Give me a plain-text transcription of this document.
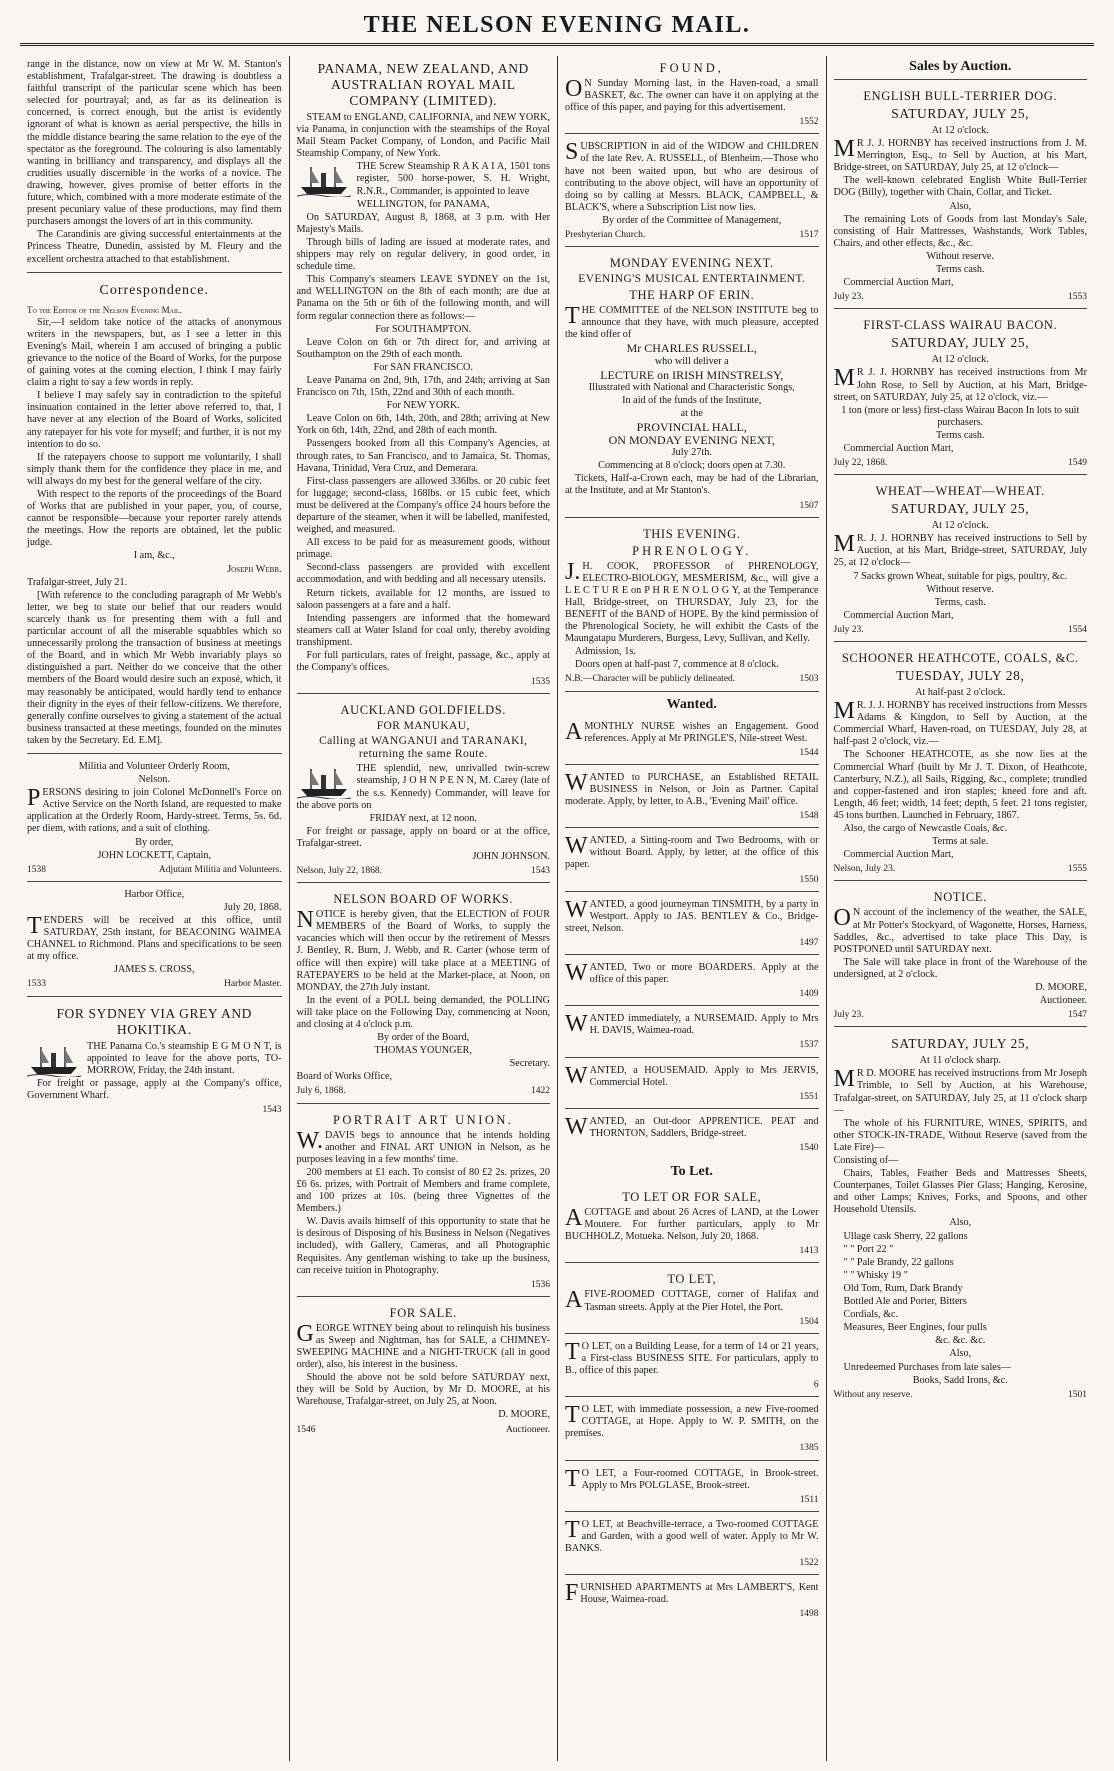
THE NELSON EVENING MAIL.

range in the distance, now on view at Mr W. M. Stanton's establishment, Trafalgar-street. The drawing is doubtless a faithful transcript of the particular scene which has been selected for pourtrayal; and, as far as its delineation is concerned, is correct enough, but the artist is evidently ignorant of what is known as aerial perspective, the hills in the middle distance bearing the same relation to the eye of the spectator as the foreground. The colouring is also lamentably wanting in brilliancy and transparency, and displays all the crudities usually discernible in the works of a novice. The drawing, however, gives promise of better efforts in the future, which, combined with a more moderate estimate of the present pecuniary value of these productions, may find them purchasers amongst the lovers of art in this community.

The Carandinis are giving successful entertainments at the Princess Theatre, Dunedin, assisted by M. Fleury and the excellent orchestra attached to that establishment.

Correspondence.

To the Editor of the Nelson Evening Mail.

Sir,—I seldom take notice of the attacks of anonymous writers in the newspapers, but, as I see a letter in this Evening's Mail, wherein I am accused of bringing a public grievance to the notice of the Board of Works, for the purpose of gaining votes at the coming election, I think I may fairly claim a right to say a few words in reply.

I believe I may safely say in contradiction to the spiteful insinuation contained in the letter above referred to, that, I have never at any election of the Board of Works, solicited any ratepayer for his vote for myself; and further, it is not my intention to do so.

If the ratepayers choose to support me voluntarily, I shall simply thank them for the confidence they place in me, and will always do my best for the general welfare of the city.

With respect to the reports of the proceedings of the Board of Works that are published in your paper, you, of course, cannot be responsible—because your reporter rarely attends the meetings. How the reports are obtained, let the public judge.

I am, &c.,

Joseph Webb.

Trafalgar-street, July 21.

[With reference to the concluding paragraph of Mr Webb's letter, we beg to state our belief that our readers would scarcely thank us for presenting them with a full and particular account of all the miserable squabbles which so unnecessarily prolong the transaction of business at meetings of the Board, and in which Mr Webb invariably plays so distinguished a part. Neither do we conceive that the other members of the Board would desire such an exposé, which, it may reasonably be anticipated, would hardly tend to enhance their dignity in the eyes of their fellow-citizens. We therefore, generally confine ourselves to giving a statement of the actual business transacted at these meetings, founded on the minutes taken by the Secretary. Ed. E.M].

Militia and Volunteer Orderly Room,

Nelson.

PERSONS desiring to join Colonel McDonnell's Force on Active Service on the North Island, are requested to make application at the Orderly Room, Hardy-street. Terms, 5s. 6d. per diem, with rations, and a suit of clothing.

By order,

JOHN LOCKETT, Captain,

1538	Adjutant Militia and Volunteers.

Harbor Office,

July 20, 1868.

TENDERS will be received at this office, until SATURDAY, 25th instant, for BEACONING WAIMEA CHANNEL to Richmond. Plans and specifications to be seen at my office.

JAMES S. CROSS,

1533	Harbor Master.
FOR SYDNEY VIA GREY AND HOKITIKA.

THE Panama Co.'s steamship E G M O N T, is appointed to leave for the above ports, TO-MORROW, Friday, the 24th instant.

For freight or passage, apply at the Company's office, Government Wharf.

1543
PANAMA, NEW ZEALAND, AND AUSTRALIAN ROYAL MAIL COMPANY (LIMITED).

STEAM to ENGLAND, CALIFORNIA, and NEW YORK, via Panama, in conjunction with the steamships of the Royal Mail Steam Packet Company, of London, and Pacific Mail Steamship Company, of New York.

THE Screw Steamship R A K A I A, 1501 tons register, 500 horse-power, S. H. Wright, R.N.R., Commander, is appointed to leave

WELLINGTON, for PANAMA,

On SATURDAY, August 8, 1868, at 3 p.m. with Her Majesty's Mails.

Through bills of lading are issued at moderate rates, and shippers may rely on regular delivery, in good order, in schedule time.

This Company's steamers LEAVE SYDNEY on the 1st, and WELLINGTON on the 8th of each month; are due at Panama on the 5th or 6th of the following month, and will form regular connection there as follows:—

For SOUTHAMPTON.

Leave Colon on 6th or 7th direct for, and arriving at Southampton on the 29th of each month.

For SAN FRANCISCO.

Leave Panama on 2nd, 9th, 17th, and 24th; arriving at San Francisco on 7th, 15th, 22nd and 30th of each month.

For NEW YORK.

Leave Colon on 6th, 14th, 20th, and 28th; arriving at New York on 6th, 14th, 22nd, and 28th of each month.

Passengers booked from all this Company's Agencies, at through rates, to San Francisco, and to Jamaica, St. Thomas, Havana, Trinidad, Vera Cruz, and Demerara.

First-class passengers are allowed 336lbs. or 20 cubic feet for luggage; second-class, 168lbs. or 15 cubic feet, which must be delivered at the Company's office 24 hours before the departure of the steamer, when it will be labelled, manifested, weighed, and measured.

All excess to be paid for as measurement goods, without primage.

Second-class passengers are provided with excellent accommodation, and with bedding and all necessary utensils.

Return tickets, available for 12 months, are issued to saloon passengers at a fare and a half.

Intending passengers are informed that the homeward steamers call at Water Island for coal only, thereby avoiding transhipment.

For full particulars, rates of freight, passage, &c., apply at the Company's offices.

1535
AUCKLAND GOLDFIELDS.
FOR MANUKAU,
Calling at WANGANUI and TARANAKI, returning the same Route.

THE splendid, new, unrivalled twin-screw steamship, J O H N P E N N, M. Carey (late of the s.s. Kennedy) Commander, will leave for the above ports on

FRIDAY next, at 12 noon.

For freight or passage, apply on board or at the office, Trafalgar-street.

JOHN JOHNSON.

Nelson, July 22, 1868.	1543
NELSON BOARD OF WORKS.

NOTICE is hereby given, that the ELECTION of FOUR MEMBERS of the Board of Works, to supply the vacancies which will then occur by the retirement of Messrs J. Bentley, R. Burn, J. Webb, and R. Carter (whose term of office will then expire) will take place at a MEETING of RATEPAYERS to be held at the Market-place, at Noon, on MONDAY, the 27th July instant.

In the event of a POLL being demanded, the POLLING will take place on the Following Day, commencing at Noon, and closing at 4 o'clock p.m.

By order of the Board,

THOMAS YOUNGER,

Secretary.

Board of Works Office,

July 6, 1868.	1422
PORTRAIT ART UNION.

W.DAVIS begs to announce that he intends holding another and FINAL ART UNION in Nelson, as he purposes leaving in a few months' time.

200 members at £1 each. To consist of 80 £2 2s. prizes, 20 £6 6s. prizes, with Portrait of Members and frame complete, and 100 prizes at 10s. (being three Vignettes of the Members.)

W. Davis avails himself of this opportunity to state that he is desirous of Disposing of his Business in Nelson (Negatives included), with Gallery, Cameras, and all Photographic Requisites. Any gentleman wishing to take up the business, can receive tuition in Photography.

1536
FOR SALE.

GEORGE WITNEY being about to relinquish his business as Sweep and Nightman, has for SALE, a CHIMNEY-SWEEPING MACHINE and a NIGHT-TRUCK (all in good order), also, his interest in the business.

Should the above not be sold before SATURDAY next, they will be Sold by Auction, by Mr D. MOORE, at his Warehouse, Trafalgar-street, on July 25, at Noon.

D. MOORE,

1546	Auctioneer.
FOUND,

ON Sunday Morning last, in the Haven-road, a small BASKET, &c. The owner can have it on applying at the office of this paper, and paying for this advertisement.

1552

SUBSCRIPTION in aid of the WIDOW and CHILDREN of the late Rev. A. RUSSELL, of Blenheim.—Those who have not been waited upon, but who are desirous of contributing to the above object, will have an opportunity of doing so by calling at Messrs. BLACK, CAMPBELL, & BLACK'S, where a Subscription List now lies.

By order of the Committee of Management,

Presbyterian Church.	1517
MONDAY EVENING NEXT.
EVENING'S MUSICAL ENTERTAINMENT.
THE HARP OF ERIN.

THE COMMITTEE of the NELSON INSTITUTE beg to announce that they have, with much pleasure, accepted the kind offer of

Mr CHARLES RUSSELL,

who will deliver a

LECTURE on IRISH MINSTRELSY,

Illustrated with National and Characteristic Songs,

In aid of the funds of the Institute,

at the

PROVINCIAL HALL,

ON MONDAY EVENING NEXT,

July 27th.

Commencing at 8 o'clock; doors open at 7.30.

Tickets, Half-a-Crown each, may be had of the Librarian, at the Institute, and at Mr Stanton's.

1507
THIS EVENING.
PHRENOLOGY.

J.H. COOK, PROFESSOR of PHRENOLOGY, ELECTRO-BIOLOGY, MESMERISM, &c., will give a L E C T U R E on P H R E N O L O G Y, at the Temperance Hall, Bridge-street, on THURSDAY, July 23, for the BENEFIT of the BAND of HOPE. By the kind permission of the Phrenological Society, he will exhibit the Casts of the Maungatapu Murderers, Burgess, Levy, Sullivan, and Kelly.

Admission, 1s.

Doors open at half-past 7, commence at 8 o'clock.

N.B.—Character will be publicly delineated.	1503
Wanted.

AMONTHLY NURSE wishes an Engagement. Good references. Apply at Mr PRINGLE'S, Nile-street West.

1544

WANTED to PURCHASE, an Established RETAIL BUSINESS in Nelson, or Join as Partner. Capital moderate. Apply, by letter, to A.B., 'Evening Mail' office.

1548

WANTED, a Sitting-room and Two Bedrooms, with or without Board. Apply, by letter, at the office of this paper.

1550

WANTED, a good journeyman TINSMITH, by a party in Westport. Apply to JAS. BENTLEY & Co., Bridge-street, Nelson.

1497

WANTED, Two or more BOARDERS. Apply at the office of this paper.

1409

WANTED immediately, a NURSEMAID. Apply to Mrs H. DAVIS, Waimea-road.

1537

WANTED, a HOUSEMAID. Apply to Mrs JERVIS, Commercial Hotel.

1551

WANTED, an Out-door APPRENTICE. PEAT and THORNTON, Saddlers, Bridge-street.

1540
To Let.
TO LET OR FOR SALE,

ACOTTAGE and about 26 Acres of LAND, at the Lower Moutere. For further particulars, apply to Mr BUCHHOLZ, Motueka. Nelson, July 20, 1868.

1413
TO LET,

AFIVE-ROOMED COTTAGE, corner of Halifax and Tasman streets. Apply at the Pier Hotel, the Port.

1504

TO LET, on a Building Lease, for a term of 14 or 21 years, a First-class BUSINESS SITE. For particulars, apply to B., office of this paper.

6

TO LET, with immediate possession, a new Five-roomed COTTAGE, at Hope. Apply to W. P. SMITH, on the premises.

1385

TO LET, a Four-roomed COTTAGE, in Brook-street. Apply to Mrs POLGLASE, Brook-street.

1511

TO LET, at Beachville-terrace, a Two-roomed COTTAGE and Garden, with a good well of water. Apply to Mr W. BANKS.

1522

FURNISHED APARTMENTS at Mrs LAMBERT'S, Kent House, Waimea-road.

1498
Sales by Auction.
ENGLISH BULL-TERRIER DOG.
SATURDAY, JULY 25,

At 12 o'clock.

MR J. J. HORNBY has received instructions from J. M. Merrington, Esq., to Sell by Auction, at his Mart, Bridge-street, on SATURDAY, July 25, at 12 o'clock—

The well-known celebrated English White Bull-Terrier DOG (Billy), together with Chain, Collar, and Ticket.

Also,

The remaining Lots of Goods from last Monday's Sale, consisting of Hair Mattresses, Washstands, Work Tables, Chairs, and other effects, &c., &c.

Without reserve.

Terms cash.

Commercial Auction Mart,

July 23.	1553
FIRST-CLASS WAIRAU BACON.
SATURDAY, JULY 25,

At 12 o'clock.

MR J. J. HORNBY has received instructions from Mr John Rose, to Sell by Auction, at his Mart, Bridge-street, on SATURDAY, July 25, at 12 o'clock, viz.—

1 ton (more or less) first-class Wairau Bacon In lots to suit purchasers.

Terms cash.

Commercial Auction Mart,

July 22, 1868.	1549
WHEAT—WHEAT—WHEAT.
SATURDAY, JULY 25,

At 12 o'clock.

MR. J. J. HORNBY has received instructions to Sell by Auction, at his Mart, Bridge-street, SATURDAY, July 25, at 12 o'clock—

7 Sacks grown Wheat, suitable for pigs, poultry, &c.

Without reserve.

Terms, cash.

Commercial Auction Mart,

July 23.	1554
SCHOONER HEATHCOTE, COALS, &C.
TUESDAY, JULY 28,

At half-past 2 o'clock.

MR. J. J. HORNBY has received instructions from Messrs Adams & Kingdon, to Sell by Auction, at the Commercial Wharf, Haven-road, on TUESDAY, July 28, at half-past 2 o'clock, viz.—

The Schooner HEATHCOTE, as she now lies at the Commercial Wharf (built by Mr J. T. Dixon, of Heathcote, Canterbury, N.Z.), all Sails, Rigging, &c., complete; trundled and copper-fastened and iron staples; kneed fore and aft. Length, 46 feet; width, 14 feet; depth, 5 feet. 21 tons register, 45 tons burthen. Launched in February, 1867.

Also, the cargo of Newcastle Coals, &c.

Terms at sale.

Commercial Auction Mart,

Nelson, July 23.	1555
NOTICE.

ON account of the inclemency of the weather, the SALE, at Mr Potter's Stockyard, of Wagonette, Horses, Harness, Saddles, &c., advertised to take place This Day, is POSTPONED until SATURDAY next.

The Sale will take place in front of the Warehouse of the undersigned, at 2 o'clock.

D. MOORE,

Auctioneer.

July 23.	1547
SATURDAY, JULY 25,

At 11 o'clock sharp.

MR D. MOORE has received instructions from Mr Joseph Trimble, to Sell by Auction, at his Warehouse, Trafalgar-street, on SATURDAY, July 25, at 11 o'clock sharp—

The whole of his FURNITURE, WINES, SPIRITS, and other STOCK-IN-TRADE, Without Reserve (saved from the Late Fire)—

Consisting of—

Chairs, Tables, Feather Beds and Mattresses Sheets, Counterpanes, Toilet Glasses Pier Glass; Hanging, Kerosine, and other Lamps; Knives, Forks, and Spoons, and other Household Utensils.

Also,

Ullage cask Sherry, 22 gallons

" " Port 22 "

" " Pale Brandy, 22 gallons

" " Whisky 19 "

Old Tom, Rum, Dark Brandy

Bottled Ale and Porter, Bitters

Cordials, &c.

Measures, Beer Engines, four pulls

&c. &c. &c.

Also,

Unredeemed Purchases from late sales—

Books, Sadd Irons, &c.

Without any reserve.	1501
